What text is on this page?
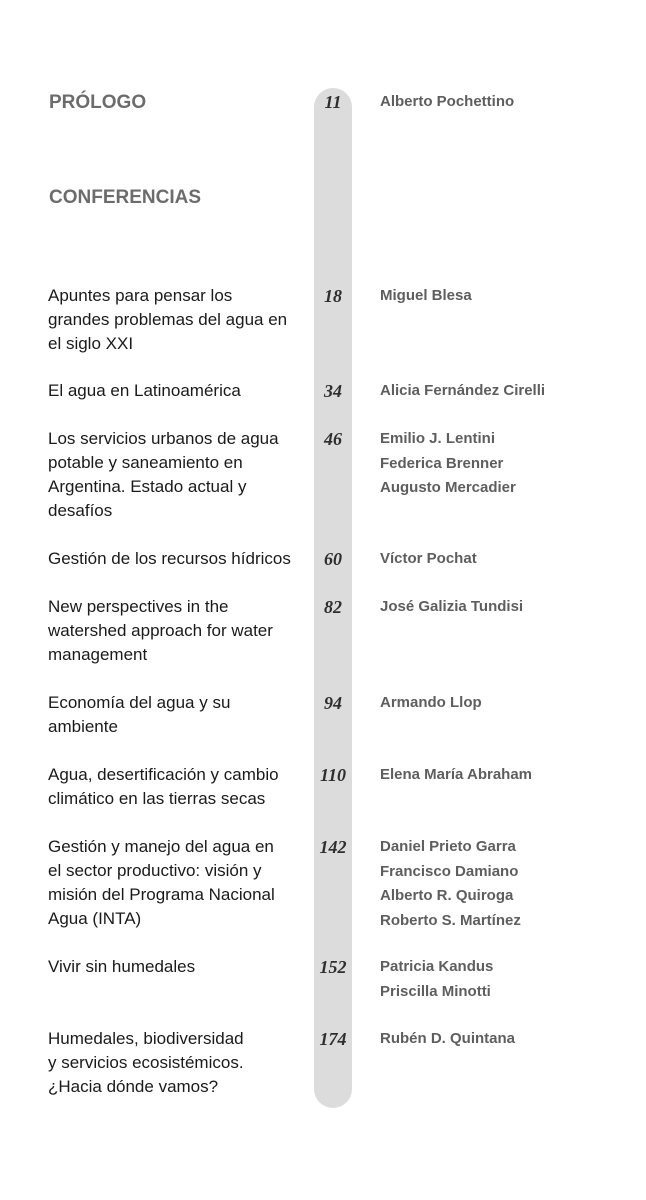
PRÓLOGO	11	Alberto Pochettino
CONFERENCIAS
Apuntes para pensar los
grandes problemas del agua en
el siglo XXI
18	Miguel Blesa
El agua en Latinoamérica	34	Alicia Fernández Cirelli
Los servicios urbanos de agua
potable y saneamiento en
Argentina. Estado actual y
desafíos
46	Emilio J. Lentini
Federica Brenner
Augusto Mercadier
Gestión de los recursos hídricos	60	Víctor Pochat
New perspectives in the
watershed approach for water
management
82	José Galizia Tundisi
Economía del agua y su
ambiente
94	Armando Llop
Agua, desertificación y cambio
climático en las tierras secas
110	Elena María Abraham
Gestión y manejo del agua en
el sector productivo: visión y
misión del Programa Nacional
Agua (INTA)
142	Daniel Prieto Garra
Francisco Damiano
Alberto R. Quiroga
Roberto S. Martínez
Vivir sin humedales	152	Patricia Kandus
Priscilla Minotti
Humedales, biodiversidad
y servicios ecosistémicos.
¿Hacia dónde vamos?
174	Rubén D. Quintana
